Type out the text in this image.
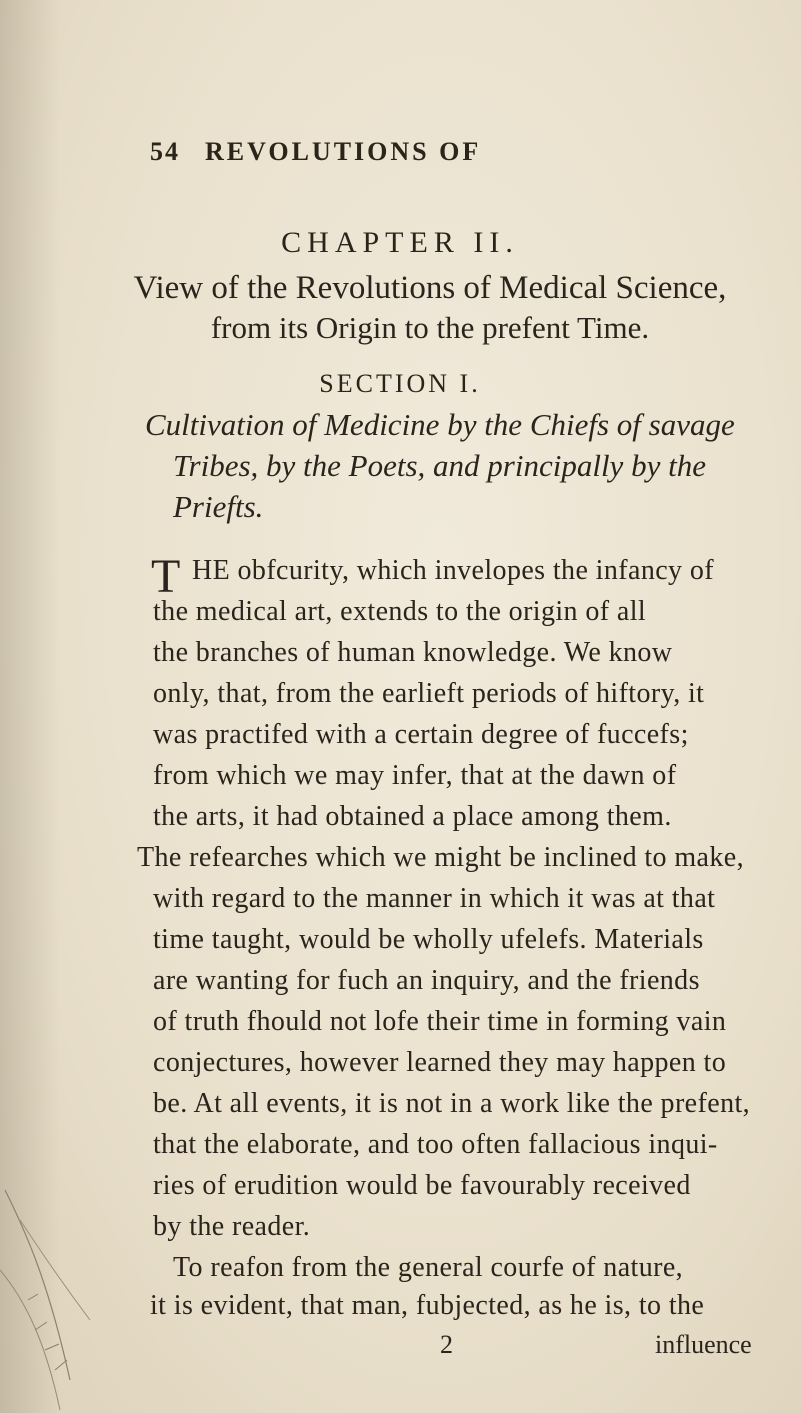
54 REVOLUTIONS OF
CHAPTER II.
View of the Revolutions of Medical Science,
from its Origin to the prefent Time.
SECTION I.
Cultivation of Medicine by the Chiefs of savage
Tribes, by the Poets, and principally by the
Priefts.
T HE obfcurity, which invelopes the infancy of
the medical art, extends to the origin of all
the branches of human knowledge. We know
only, that, from the earlieft periods of hiftory, it
was practifed with a certain degree of fuccefs;
from which we may infer, that at the dawn of
the arts, it had obtained a place among them.
The refearches which we might be inclined to make,
with regard to the manner in which it was at that
time taught, would be wholly ufelefs. Materials
are wanting for fuch an inquiry, and the friends
of truth fhould not lofe their time in forming vain
conjectures, however learned they may happen to
be. At all events, it is not in a work like the prefent,
that the elaborate, and too often fallacious inqui-
ries of erudition would be favourably received
by the reader.
To reafon from the general courfe of nature,
it is evident, that man, fubjected, as he is, to the
2	influence
